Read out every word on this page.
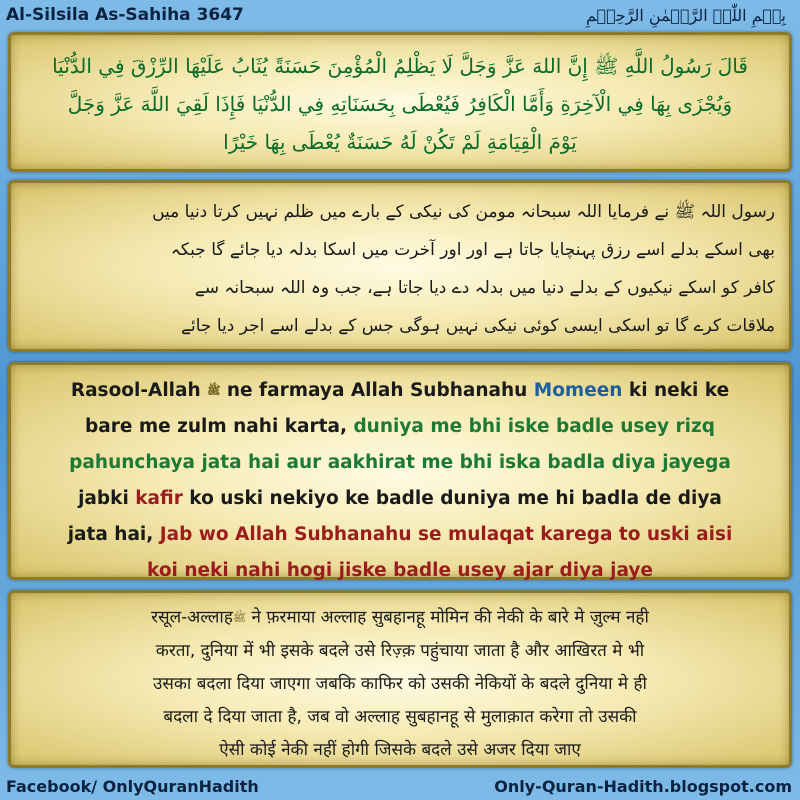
Al-Silsila As-Sahiha 3647	بِسۡمِ اللّٰہِ الرَّحۡمٰنِ الرَّحِیۡمِ
قَالَ رَسُولُ اللَّهِ ﷺ إِنَّ اللهَ عَزَّ وَجَلَّ لَا يَظْلِمُ الْمُؤْمِنَ حَسَنَةً يُثَابُ عَلَيْهَا الرِّزْقَ فِي الدُّنْيَا
وَيُجْزَى بِهَا فِي الْآخِرَةِ وَأَمَّا الْكَافِرُ فَيُعْطَى بِحَسَنَاتِهِ فِي الدُّنْيَا فَإِذَا لَقِيَ اللَّهَ عَزَّ وَجَلَّ
يَوْمَ الْقِيَامَةِ لَمْ تَكُنْ لَهُ حَسَنَةٌ يُعْطَى بِهَا خَيْرًا
رسول اللہ ﷺ نے فرمایا اللہ سبحانہ مومن کی نیکی کے بارے میں ظلم نہیں کرتا دنیا میں
بھی اسکے بدلے اسے رزق پہنچایا جاتا ہے اور اور آخرت میں اسکا بدلہ دیا جائے گا جبکہ
کافر کو اسکے نیکیوں کے بدلے دنیا میں بدلہ دے دیا جاتا ہے، جب وہ اللہ سبحانہ سے
ملاقات کرے گا تو اسکی ایسی کوئی نیکی نہیں ہوگی جس کے بدلے اسے اجر دیا جائے
Rasool-Allah ﷺ ne farmaya Allah Subhanahu Momeen ki neki ke
bare me zulm nahi karta, duniya me bhi iske badle usey rizq
pahunchaya jata hai aur aakhirat me bhi iska badla diya jayega
jabki kafir ko uski nekiyo ke badle duniya me hi badla de diya
jata hai, Jab wo Allah Subhanahu se mulaqat karega to uski aisi
koi neki nahi hogi jiske badle usey ajar diya jaye
रसूल-अल्लाहﷺ ने फ़रमाया अल्लाह सुबहानहू मोमिन की नेकी के बारे मे ज़ुल्म नही
करता, दुनिया में भी इसके बदले उसे रिज़्क़ पहुंचाया जाता है और आखिरत मे भी
उसका बदला दिया जाएगा जबकि काफिर को उसकी नेकियों के बदले दुनिया मे ही
बदला दे दिया जाता है, जब वो अल्लाह सुबहानहू से मुलाक़ात करेगा तो उसकी
ऐसी कोई नेकी नहीं होगी जिसके बदले उसे अजर दिया जाए
Facebook/ OnlyQuranHadith	Only-Quran-Hadith.blogspot.com
